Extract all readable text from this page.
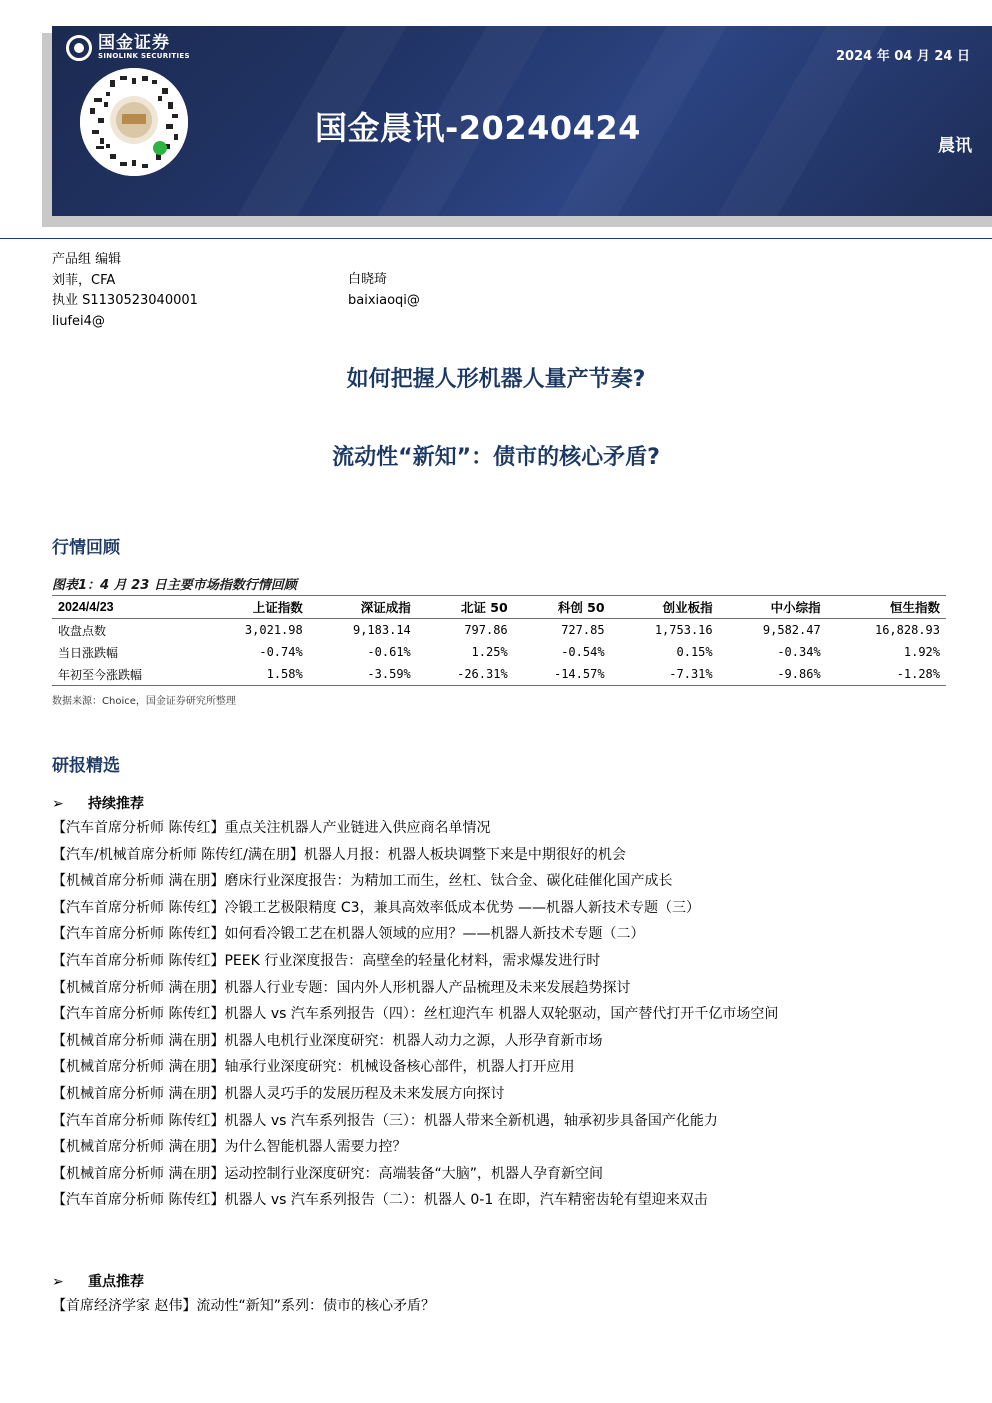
国金证券
SINOLINK SECURITIES	2024 年 04 月 24 日
国金晨讯-20240424	晨讯
产品组 编辑
刘菲，CFA
执业 S1130523040001
liufei4@
白晓琦
baixiaoqi@
如何把握人形机器人量产节奏?
流动性“新知”：债市的核心矛盾?
行情回顾
图表1：4 月 23 日主要市场指数行情回顾
2024/4/23	上证指数	深证成指	北证 50	科创 50	创业板指	中小综指	恒生指数
收盘点数	3,021.98	9,183.14	797.86	727.85	1,753.16	9,582.47	16,828.93
当日涨跌幅	-0.74%	-0.61%	1.25%	-0.54%	0.15%	-0.34%	1.92%
年初至今涨跌幅	1.58%	-3.59%	-26.31%	-14.57%	-7.31%	-9.86%	-1.28%
数据来源：Choice，国金证券研究所整理
研报精选
➢ 持续推荐
【汽车首席分析师 陈传红】重点关注机器人产业链进入供应商名单情况
【汽车/机械首席分析师 陈传红/满在朋】机器人月报：机器人板块调整下来是中期很好的机会
【机械首席分析师 满在朋】磨床行业深度报告：为精加工而生，丝杠、钛合金、碳化硅催化国产成长
【汽车首席分析师 陈传红】冷锻工艺极限精度 C3，兼具高效率低成本优势 ——机器人新技术专题（三）
【汽车首席分析师 陈传红】如何看冷锻工艺在机器人领域的应用？——机器人新技术专题（二）
【汽车首席分析师 陈传红】PEEK 行业深度报告：高壁垒的轻量化材料，需求爆发进行时
【机械首席分析师 满在朋】机器人行业专题：国内外人形机器人产品梳理及未来发展趋势探讨
【汽车首席分析师 陈传红】机器人 vs 汽车系列报告（四）：丝杠迎汽车 机器人双轮驱动，国产替代打开千亿市场空间
【机械首席分析师 满在朋】机器人电机行业深度研究：机器人动力之源，人形孕育新市场
【机械首席分析师 满在朋】轴承行业深度研究：机械设备核心部件，机器人打开应用
【机械首席分析师 满在朋】机器人灵巧手的发展历程及未来发展方向探讨
【汽车首席分析师 陈传红】机器人 vs 汽车系列报告（三）：机器人带来全新机遇，轴承初步具备国产化能力
【机械首席分析师 满在朋】为什么智能机器人需要力控？
【机械首席分析师 满在朋】运动控制行业深度研究：高端装备“大脑”，机器人孕育新空间
【汽车首席分析师 陈传红】机器人 vs 汽车系列报告（二）：机器人 0-1 在即，汽车精密齿轮有望迎来双击
➢ 重点推荐
【首席经济学家 赵伟】流动性“新知”系列：债市的核心矛盾？
